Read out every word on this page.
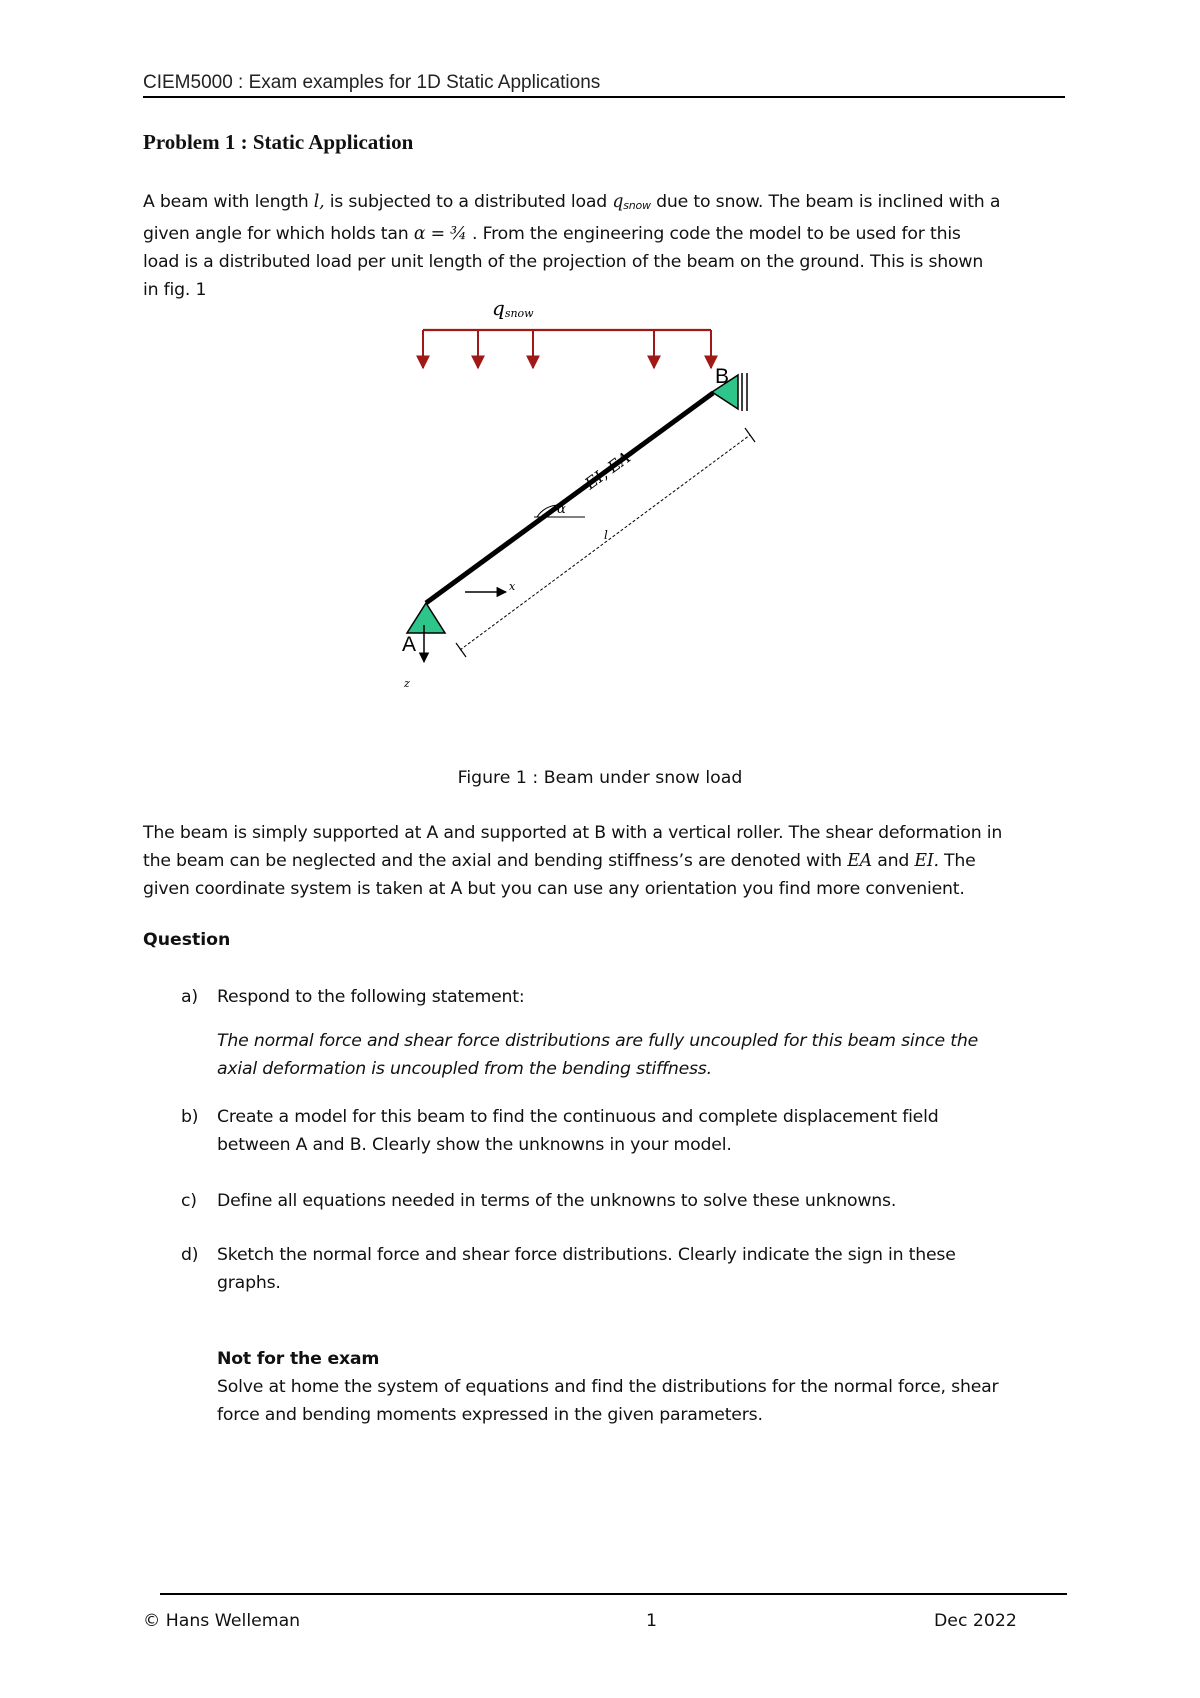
CIEM5000 : Exam examples for 1D Static Applications
Problem 1 : Static Application
A beam with length l, is subjected to a distributed load qsnow due to snow. The beam is inclined with a
given angle for which holds tan α = ¾ . From the engineering code the model to be used for this
load is a distributed load per unit length of the projection of the beam on the ground. This is shown
in fig. 1
qsnow
B
A
α
EI, EA
l
x
z
Figure 1 : Beam under snow load
The beam is simply supported at A and supported at B with a vertical roller. The shear deformation in
the beam can be neglected and the axial and bending stiffness’s are denoted with EA and EI. The
given coordinate system is taken at A but you can use any orientation you find more convenient.
Question
a)	Respond to the following statement:
The normal force and shear force distributions are fully uncoupled for this beam since the
axial deformation is uncoupled from the bending stiffness.
b)	Create a model for this beam to find the continuous and complete displacement field
between A and B. Clearly show the unknowns in your model.
c)	Define all equations needed in terms of the unknowns to solve these unknowns.
d)	Sketch the normal force and shear force distributions. Clearly indicate the sign in these
graphs.
Not for the exam
Solve at home the system of equations and find the distributions for the normal force, shear
force and bending moments expressed in the given parameters.
© Hans Welleman	1	Dec 2022
